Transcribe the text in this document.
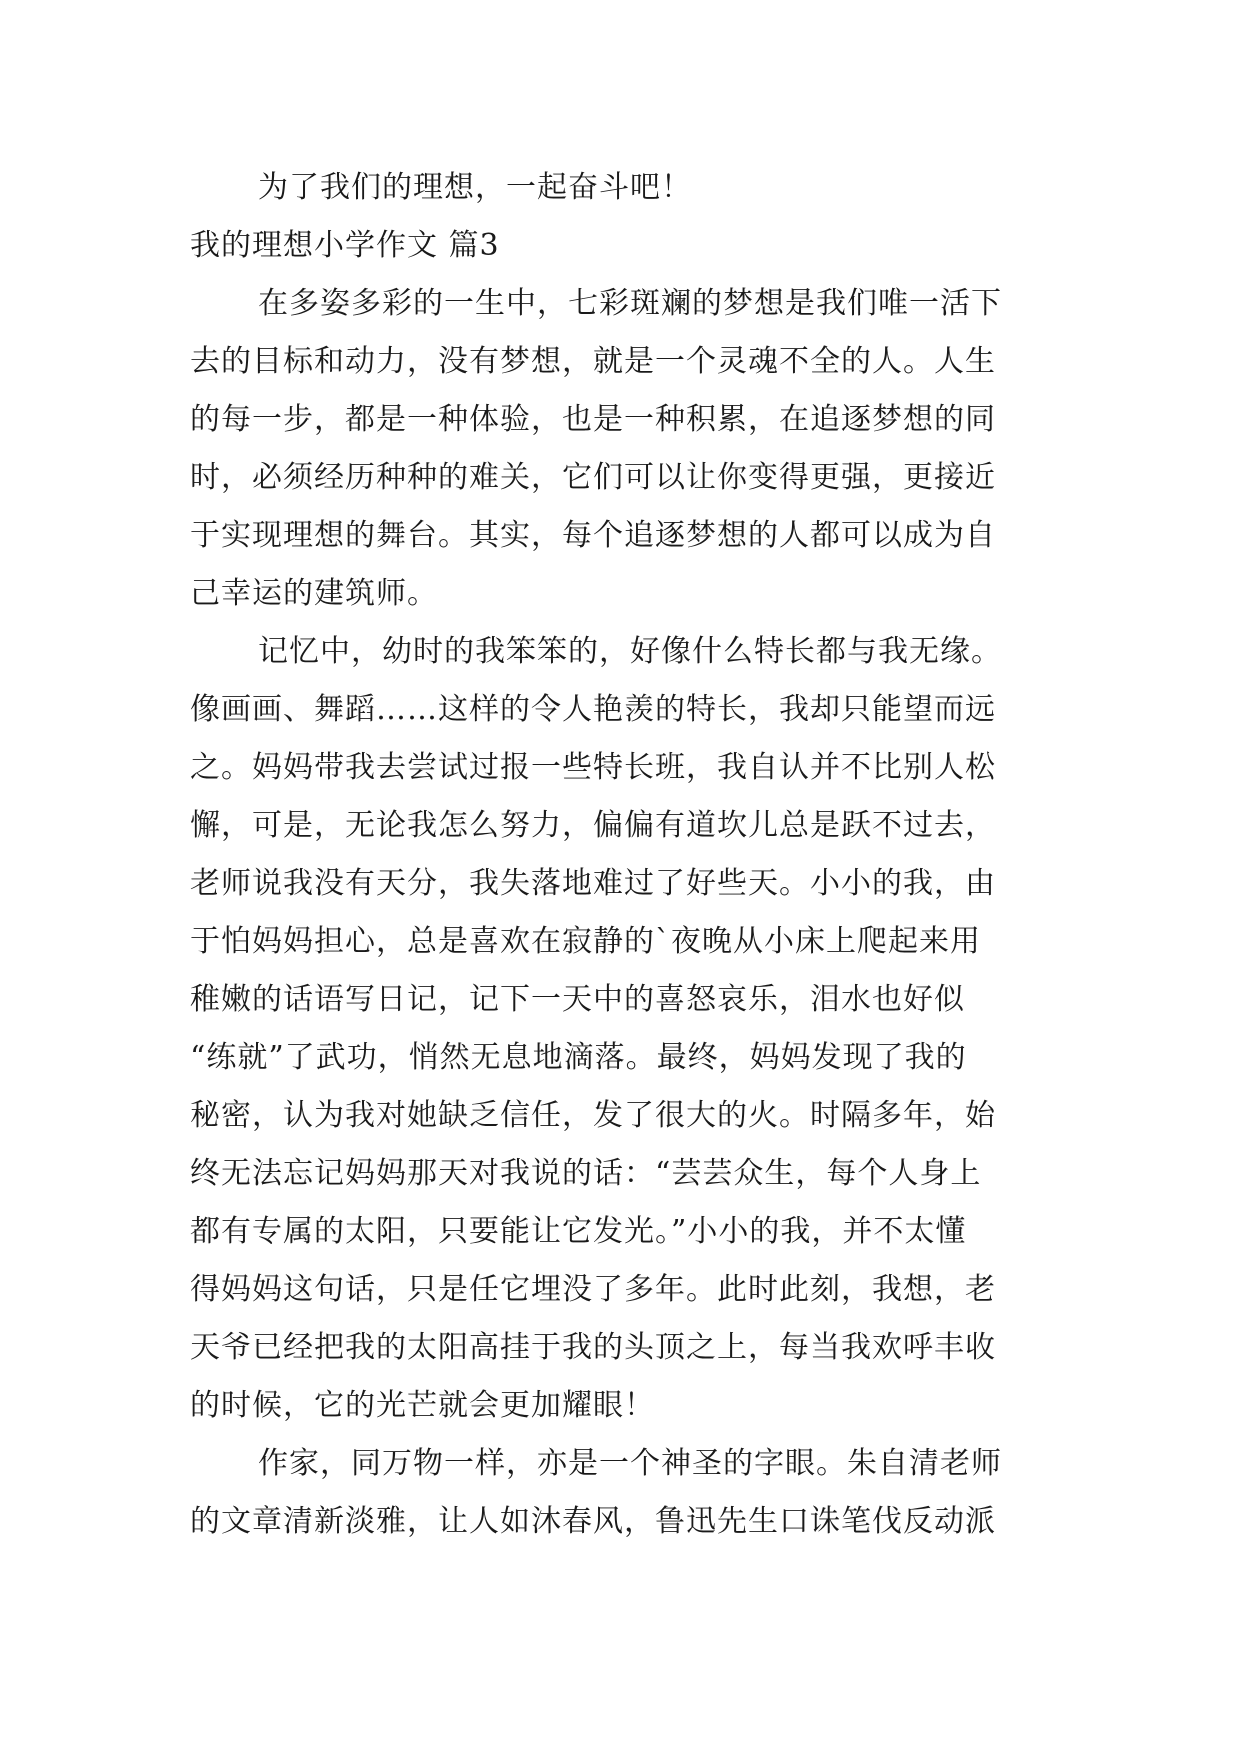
为了我们的理想，一起奋斗吧！
我的理想小学作文 篇3
在多姿多彩的一生中，七彩斑斓的梦想是我们唯一活下
去的目标和动力，没有梦想，就是一个灵魂不全的人。人生
的每一步，都是一种体验，也是一种积累，在追逐梦想的同
时，必须经历种种的难关，它们可以让你变得更强，更接近
于实现理想的舞台。其实，每个追逐梦想的人都可以成为自
己幸运的建筑师。
记忆中，幼时的我笨笨的，好像什么特长都与我无缘。
像画画、舞蹈……这样的令人艳羡的特长，我却只能望而远
之。妈妈带我去尝试过报一些特长班，我自认并不比别人松
懈，可是，无论我怎么努力，偏偏有道坎儿总是跃不过去，
老师说我没有天分，我失落地难过了好些天。小小的我，由
于怕妈妈担心，总是喜欢在寂静的`夜晚从小床上爬起来用
稚嫩的话语写日记，记下一天中的喜怒哀乐，泪水也好似
“练就”了武功，悄然无息地滴落。最终，妈妈发现了我的
秘密，认为我对她缺乏信任，发了很大的火。时隔多年，始
终无法忘记妈妈那天对我说的话：“芸芸众生，每个人身上
都有专属的太阳，只要能让它发光。”小小的我，并不太懂
得妈妈这句话，只是任它埋没了多年。此时此刻，我想，老
天爷已经把我的太阳高挂于我的头顶之上，每当我欢呼丰收
的时候，它的光芒就会更加耀眼！
作家，同万物一样，亦是一个神圣的字眼。朱自清老师
的文章清新淡雅，让人如沐春风，鲁迅先生口诛笔伐反动派
